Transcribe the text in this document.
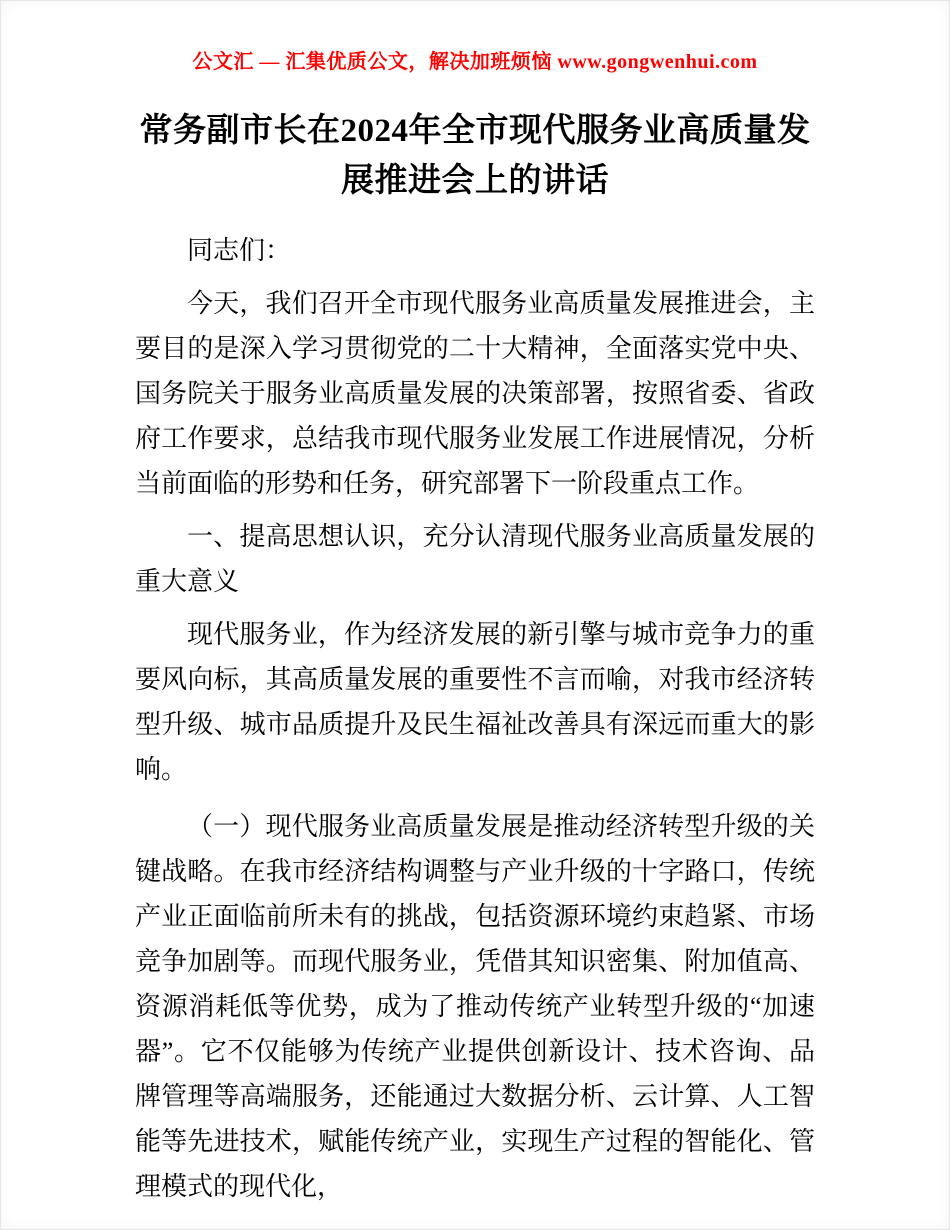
公文汇 — 汇集优质公文，解决加班烦恼 www.gongwenhui.com
常务副市长在2024年全市现代服务业高质量发展推进会上的讲话

同志们：

今天，我们召开全市现代服务业高质量发展推进会，主要目的是深入学习贯彻党的二十大精神，全面落实党中央、国务院关于服务业高质量发展的决策部署，按照省委、省政府工作要求，总结我市现代服务业发展工作进展情况，分析当前面临的形势和任务，研究部署下一阶段重点工作。

一、提高思想认识，充分认清现代服务业高质量发展的重大意义

现代服务业，作为经济发展的新引擎与城市竞争力的重要风向标，其高质量发展的重要性不言而喻，对我市经济转型升级、城市品质提升及民生福祉改善具有深远而重大的影响。

（一）现代服务业高质量发展是推动经济转型升级的关键战略。在我市经济结构调整与产业升级的十字路口，传统产业正面临前所未有的挑战，包括资源环境约束趋紧、市场竞争加剧等。而现代服务业，凭借其知识密集、附加值高、资源消耗低等优势，成为了推动传统产业转型升级的“加速器”。它不仅能够为传统产业提供创新设计、技术咨询、品牌管理等高端服务，还能通过大数据分析、云计算、人工智能等先进技术，赋能传统产业，实现生产过程的智能化、管理模式的现代化，
